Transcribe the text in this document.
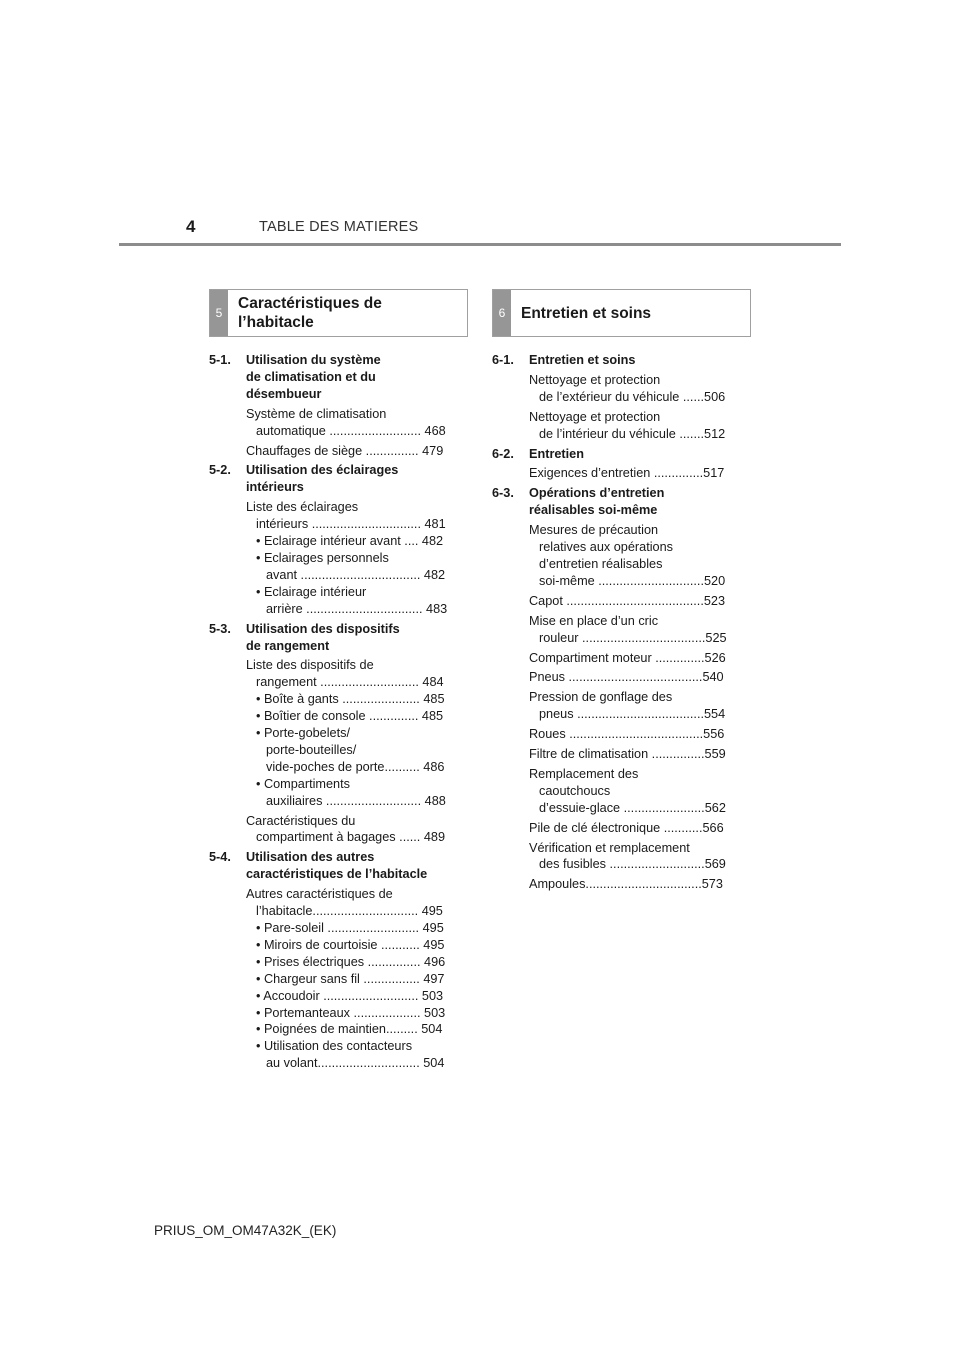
4	TABLE DES MATIERES
5
Caractéristiques de
l’habitacle
6	Entretien et soins
5-1. Utilisation du système
de climatisation et du
désembueur
Système de climatisation
automatique .......................... 468
Chauffages de siège ............... 479
5-2. Utilisation des éclairages
intérieurs
Liste des éclairages
intérieurs ............................... 481
• Eclairage intérieur avant .... 482
• Eclairages personnels
avant .................................. 482
• Eclairage intérieur
arrière ................................. 483
5-3. Utilisation des dispositifs
de rangement
Liste des dispositifs de
rangement ............................ 484
• Boîte à gants ...................... 485
• Boîtier de console .............. 485
• Porte-gobelets/
porte-bouteilles/
vide-poches de porte.......... 486
• Compartiments
auxiliaires ........................... 488
Caractéristiques du
compartiment à bagages ...... 489
5-4. Utilisation des autres
caractéristiques de l’habitacle
Autres caractéristiques de
l’habitacle.............................. 495
• Pare-soleil .......................... 495
• Miroirs de courtoisie ........... 495
• Prises électriques ............... 496
• Chargeur sans fil ................ 497
• Accoudoir ........................... 503
• Portemanteaux ................... 503
• Poignées de maintien......... 504
• Utilisation des contacteurs
au volant............................. 504
6-1. Entretien et soins
Nettoyage et protection
de l’extérieur du véhicule ......506
Nettoyage et protection
de l’intérieur du véhicule .......512
6-2. Entretien
Exigences d’entretien ..............517
6-3. Opérations d’entretien
réalisables soi-même
Mesures de précaution
relatives aux opérations
d’entretien réalisables
soi-même ..............................520
Capot .......................................523
Mise en place d’un cric
rouleur ...................................525
Compartiment moteur ..............526
Pneus ......................................540
Pression de gonflage des
pneus ....................................554
Roues ......................................556
Filtre de climatisation ...............559
Remplacement des
caoutchoucs
d’essuie-glace .......................562
Pile de clé électronique ...........566
Vérification et remplacement
des fusibles ...........................569
Ampoules.................................573
PRIUS_OM_OM47A32K_(EK)
